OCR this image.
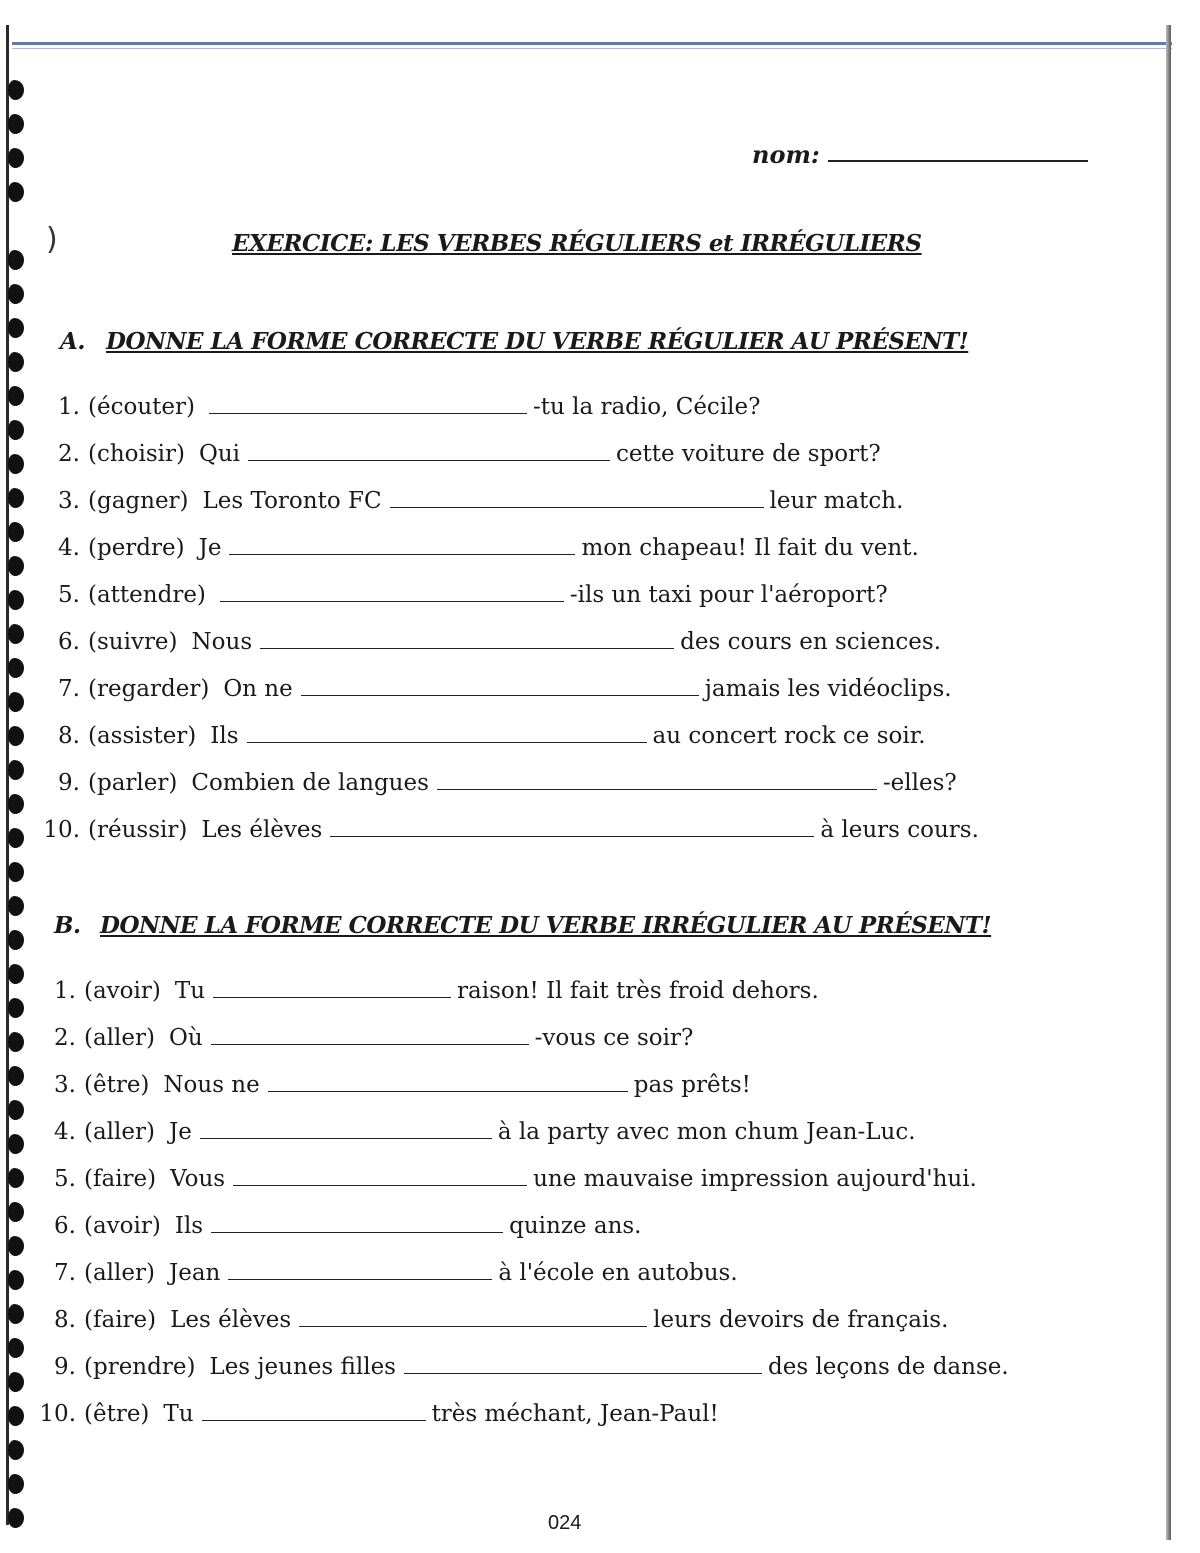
)
nom:
EXERCICE: LES VERBES RÉGULIERS et IRRÉGULIERS
A. DONNE LA FORME CORRECTE DU VERBE RÉGULIER AU PRÉSENT!
1. (écouter)	-tu la radio, Cécile?
2. (choisir) Qui	cette voiture de sport?
3. (gagner) Les Toronto FC	leur match.
4. (perdre) Je	mon chapeau! Il fait du vent.
5. (attendre)	-ils un taxi pour l'aéroport?
6. (suivre) Nous	des cours en sciences.
7. (regarder) On ne	jamais les vidéoclips.
8. (assister) Ils	au concert rock ce soir.
9. (parler) Combien de langues	-elles?
10. (réussir) Les élèves	à leurs cours.
B. DONNE LA FORME CORRECTE DU VERBE IRRÉGULIER AU PRÉSENT!
1. (avoir) Tu	raison! Il fait très froid dehors.
2. (aller) Où	-vous ce soir?
3. (être) Nous ne	pas prêts!
4. (aller) Je	à la party avec mon chum Jean-Luc.
5. (faire) Vous	une mauvaise impression aujourd'hui.
6. (avoir) Ils	quinze ans.
7. (aller) Jean	à l'école en autobus.
8. (faire) Les élèves	leurs devoirs de français.
9. (prendre) Les jeunes filles	des leçons de danse.
10. (être) Tu	très méchant, Jean-Paul!
024
